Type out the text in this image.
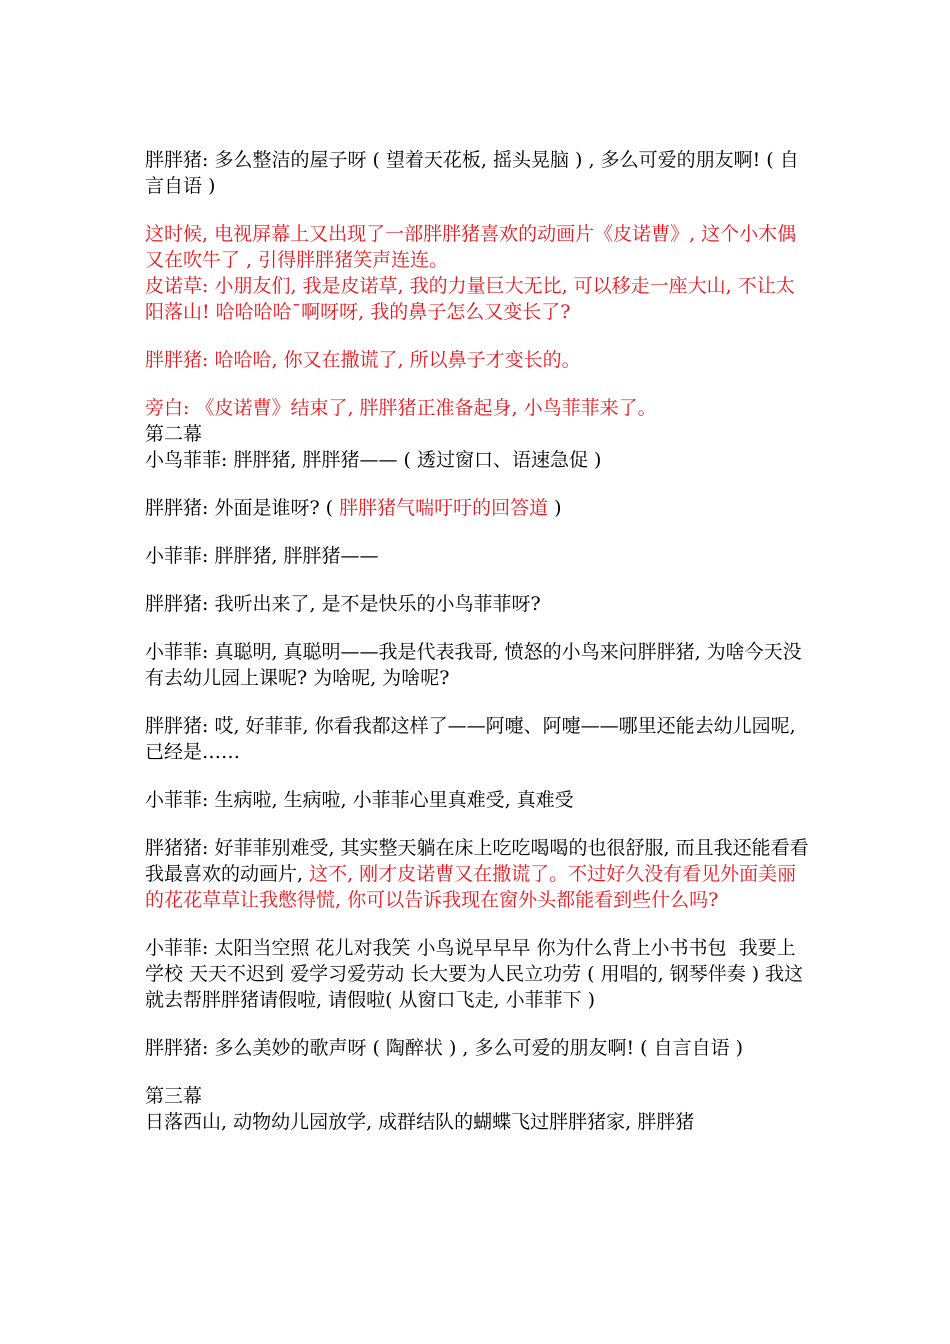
胖胖猪: 多么整洁的屋子呀 ( 望着天花板, 摇头晃脑 ) , 多么可爱的朋友啊! ( 自言自语 )

这时候, 电视屏幕上又出现了一部胖胖猪喜欢的动画片《皮诺曹》, 这个小木偶又在吹牛了 , 引得胖胖猪笑声连连。

皮诺草: 小朋友们, 我是皮诺草, 我的力量巨大无比, 可以移走一座大山, 不让太阳落山! 哈哈哈哈¯啊呀呀, 我的鼻子怎么又变长了?

胖胖猪: 哈哈哈, 你又在撒谎了, 所以鼻子才变长的。

旁白: 《皮诺曹》结束了, 胖胖猪正准备起身, 小鸟菲菲来了。

第二幕

小鸟菲菲: 胖胖猪, 胖胖猪—— ( 透过窗口、语速急促 )

胖胖猪: 外面是谁呀? ( 胖胖猪气喘吁吁的回答道 )

小菲菲: 胖胖猪, 胖胖猪——

胖胖猪: 我听出来了, 是不是快乐的小鸟菲菲呀?

小菲菲: 真聪明, 真聪明——我是代表我哥, 愤怒的小鸟来问胖胖猪, 为啥今天没有去幼儿园上课呢? 为啥呢, 为啥呢?

胖胖猪: 哎, 好菲菲, 你看我都这样了——阿嚏、阿嚏——哪里还能去幼儿园呢, 已经是……

小菲菲: 生病啦, 生病啦, 小菲菲心里真难受, 真难受

胖猪猪: 好菲菲别难受, 其实整天躺在床上吃吃喝喝的也很舒服, 而且我还能看看我最喜欢的动画片, 这不, 刚才皮诺曹又在撒谎了。不过好久没有看见外面美丽的花花草草让我憋得慌, 你可以告诉我现在窗外头都能看到些什么吗?

小菲菲: 太阳当空照 花儿对我笑 小鸟说早早早 你为什么背上小书书包  我要上学校 天天不迟到 爱学习爱劳动 长大要为人民立功劳 ( 用唱的, 钢琴伴奏 ) 我这就去帮胖胖猪请假啦, 请假啦( 从窗口飞走, 小菲菲下 )

胖胖猪: 多么美妙的歌声呀 ( 陶醉状 ) , 多么可爱的朋友啊! ( 自言自语 )

第三幕

日落西山, 动物幼儿园放学, 成群结队的蝴蝶飞过胖胖猪家, 胖胖猪
